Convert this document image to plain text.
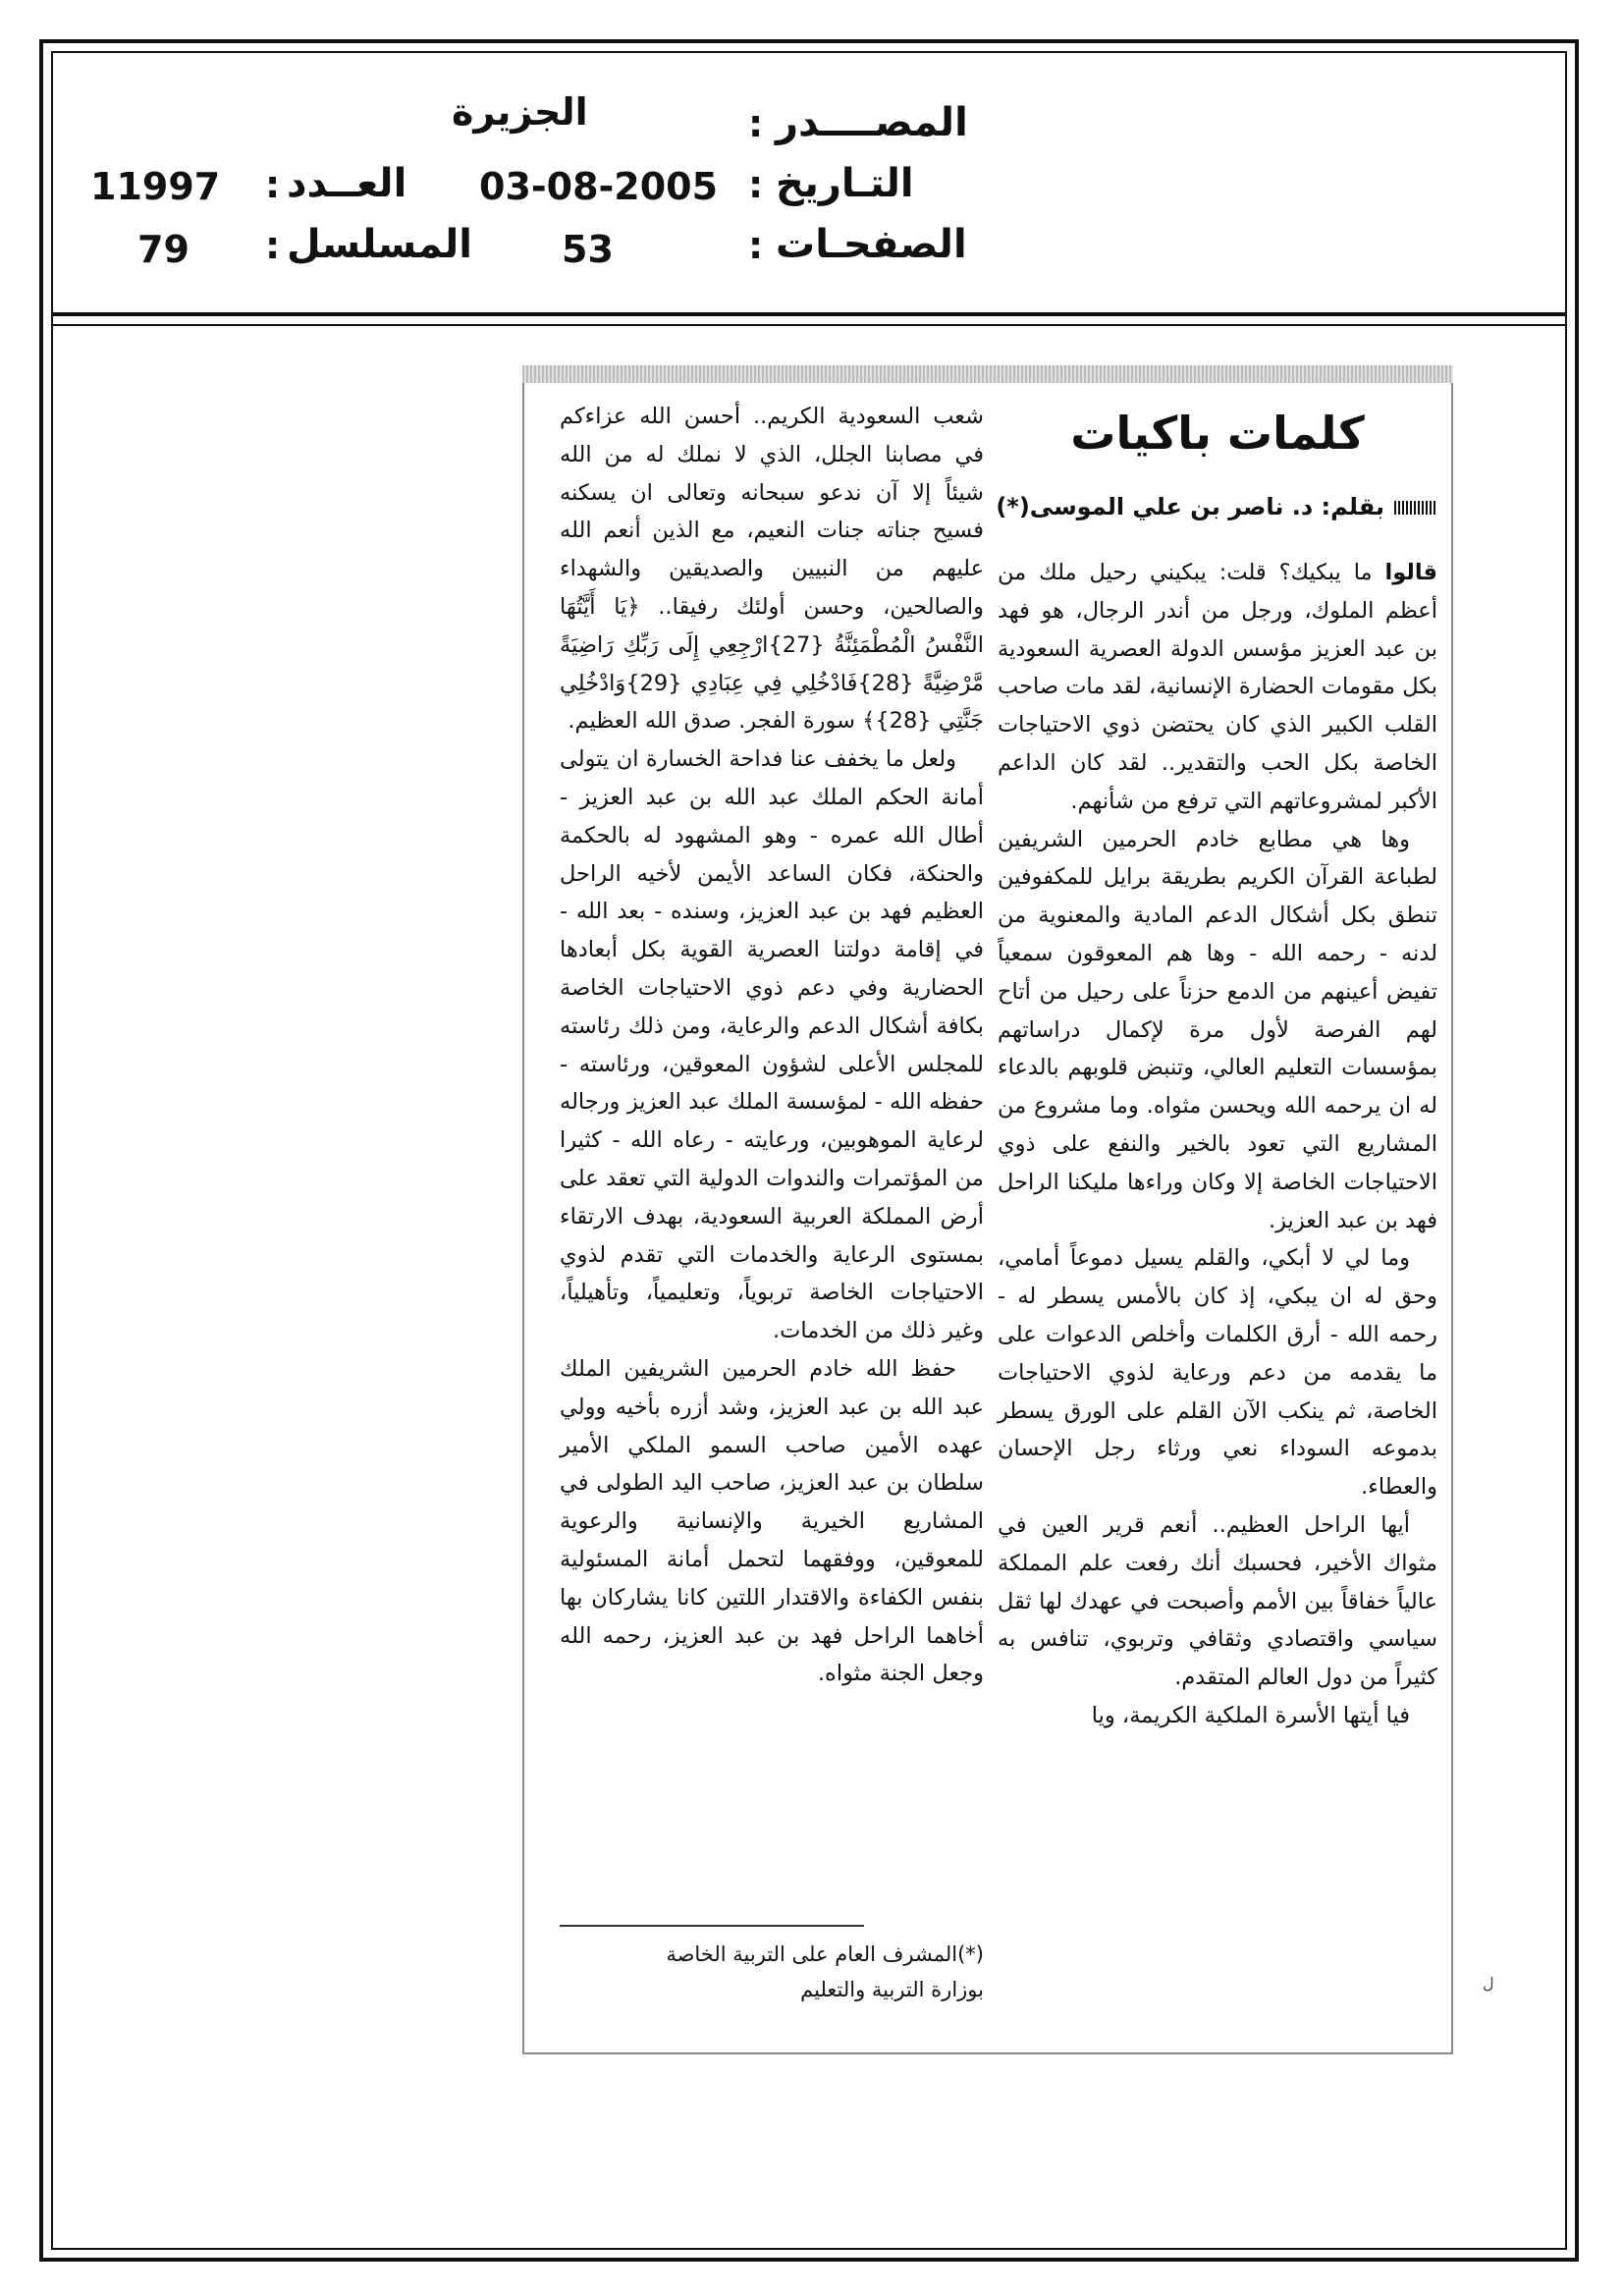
المصــــدر
:
الجزيرة
التـاريخ
:
03-08-2005
العــدد
:
11997
الصفحـات
:
53
المسلسل
:
79
كلمات باكيات
بقلم: د. ناصر بن علي الموسى(*)

قالوا ما يبكيك؟ قلت: يبكيني رحيل ملك من أعظم الملوك، ورجل من أندر الرجال، هو فهد بن عبد العزيز مؤسس الدولة العصرية السعودية بكل مقومات الحضارة الإنسانية، لقد مات صاحب القلب الكبير الذي كان يحتضن ذوي الاحتياجات الخاصة بكل الحب والتقدير.. لقد كان الداعم الأكبر لمشروعاتهم التي ترفع من شأنهم.

وها هي مطابع خادم الحرمين الشريفين لطباعة القرآن الكريم بطريقة برايل للمكفوفين تنطق بكل أشكال الدعم المادية والمعنوية من لدنه - رحمه الله - وها هم المعوقون سمعياً تفيض أعينهم من الدمع حزناً على رحيل من أتاح لهم الفرصة لأول مرة لإكمال دراساتهم بمؤسسات التعليم العالي، وتنبض قلوبهم بالدعاء له ان يرحمه الله ويحسن مثواه. وما مشروع من المشاريع التي تعود بالخير والنفع على ذوي الاحتياجات الخاصة إلا وكان وراءها مليكنا الراحل فهد بن عبد العزيز.

وما لي لا أبكي، والقلم يسيل دموعاً أمامي، وحق له ان يبكي، إذ كان بالأمس يسطر له - رحمه الله - أرق الكلمات وأخلص الدعوات على ما يقدمه من دعم ورعاية لذوي الاحتياجات الخاصة، ثم ينكب الآن القلم على الورق يسطر بدموعه السوداء نعي ورثاء رجل الإحسان والعطاء.

أيها الراحل العظيم.. أنعم قرير العين في مثواك الأخير، فحسبك أنك رفعت علم المملكة عالياً خفاقاً بين الأمم وأصبحت في عهدك لها ثقل سياسي واقتصادي وثقافي وتربوي، تنافس به كثيراً من دول العالم المتقدم.

فيا أيتها الأسرة الملكية الكريمة، ويا

شعب السعودية الكريم.. أحسن الله عزاءكم في مصابنا الجلل، الذي لا نملك له من الله شيئاً إلا آن ندعو سبحانه وتعالى ان يسكنه فسيح جناته جنات النعيم، مع الذين أنعم الله عليهم من النبيين والصديقين والشهداء والصالحين، وحسن أولئك رفيقا.. ﴿يَا أَيَّتُهَا النَّفْسُ الْمُطْمَئِنَّةُ {27}ارْجِعِي إِلَى رَبِّكِ رَاضِيَةً مَّرْضِيَّةً {28}فَادْخُلِي فِي عِبَادِي {29}وَادْخُلِي جَنَّتِي {28}﴾ سورة الفجر. صدق الله العظيم.

ولعل ما يخفف عنا فداحة الخسارة ان يتولى أمانة الحكم الملك عبد الله بن عبد العزيز - أطال الله عمره - وهو المشهود له بالحكمة والحنكة، فكان الساعد الأيمن لأخيه الراحل العظيم فهد بن عبد العزيز، وسنده - بعد الله - في إقامة دولتنا العصرية القوية بكل أبعادها الحضارية وفي دعم ذوي الاحتياجات الخاصة بكافة أشكال الدعم والرعاية، ومن ذلك رئاسته للمجلس الأعلى لشؤون المعوقين، ورئاسته - حفظه الله - لمؤسسة الملك عبد العزيز ورجاله لرعاية الموهوبين، ورعايته - رعاه الله - كثيرا من المؤتمرات والندوات الدولية التي تعقد على أرض المملكة العربية السعودية، بهدف الارتقاء بمستوى الرعاية والخدمات التي تقدم لذوي الاحتياجات الخاصة تربوياً، وتعليمياً، وتأهيلياً، وغير ذلك من الخدمات.

حفظ الله خادم الحرمين الشريفين الملك عبد الله بن عبد العزيز، وشد أزره بأخيه وولي عهده الأمين صاحب السمو الملكي الأمير سلطان بن عبد العزيز، صاحب اليد الطولى في المشاريع الخيرية والإنسانية والرعوية للمعوقين، ووفقهما لتحمل أمانة المسئولية بنفس الكفاءة والاقتدار اللتين كانا يشاركان بها أخاهما الراحل فهد بن عبد العزيز، رحمه الله وجعل الجنة مثواه.

(*)المشرف العام على التربية الخاصة
بوزارة التربية والتعليم	ل
